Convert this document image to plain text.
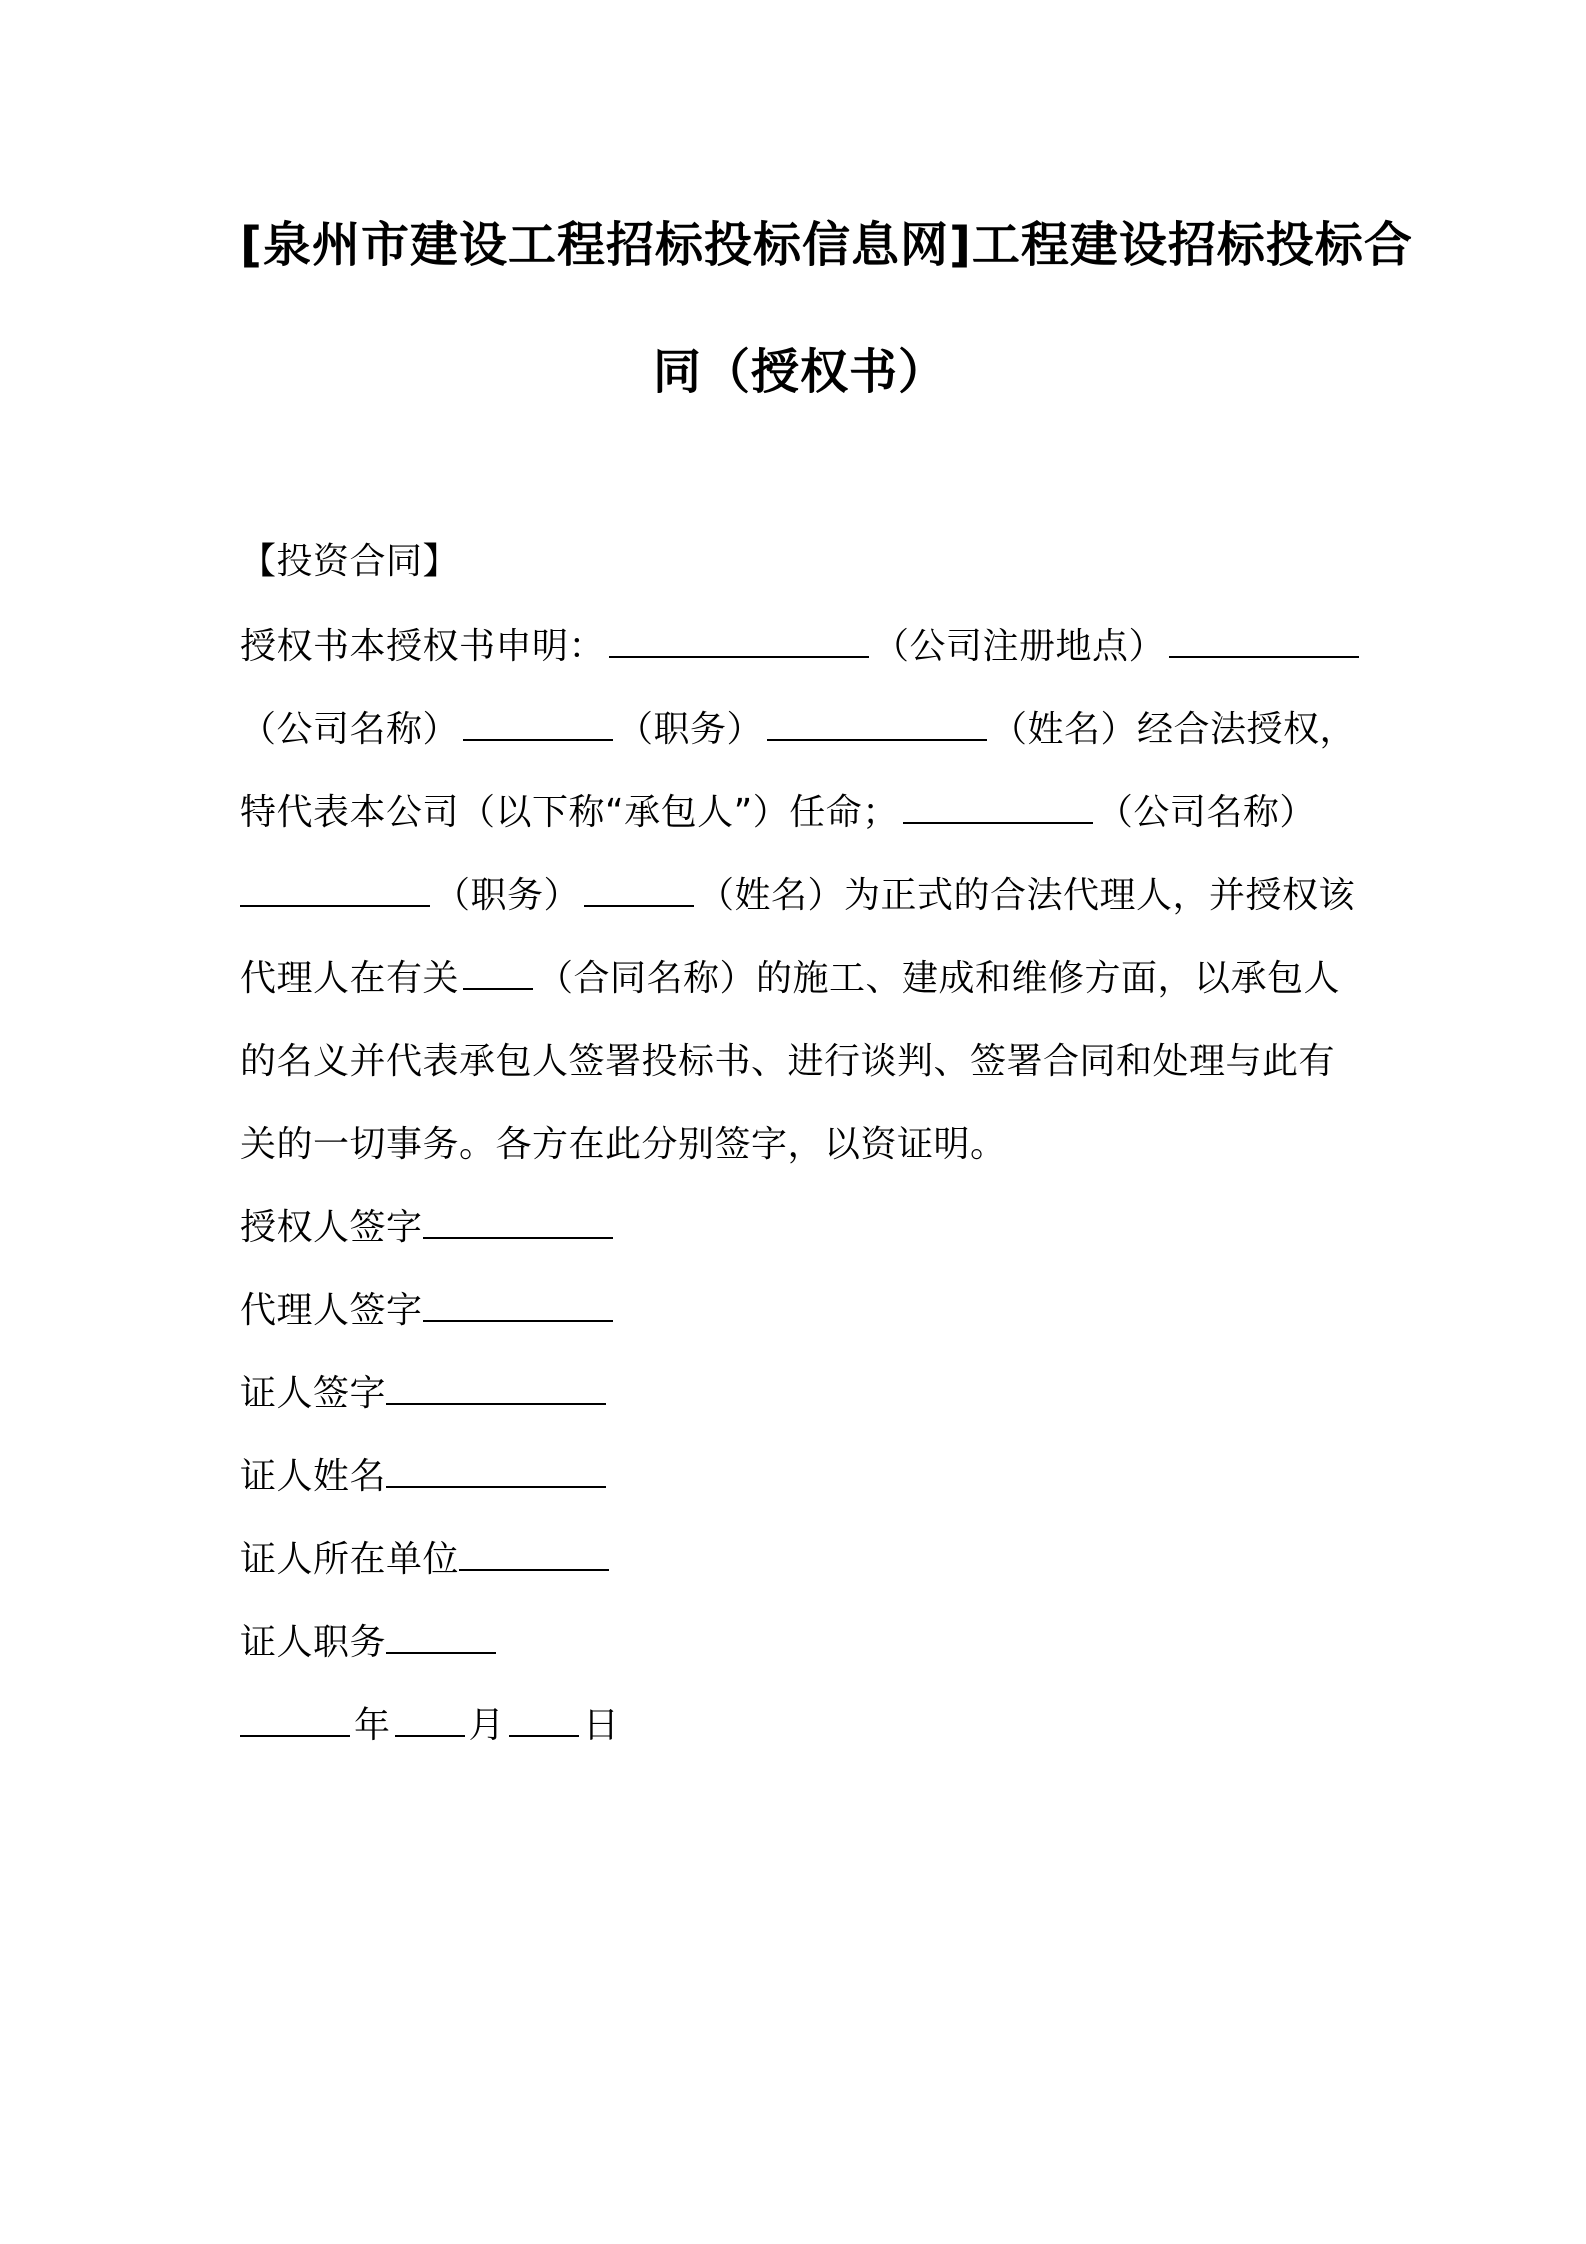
[泉州市建设工程招标投标信息网]工程建设招标投标合
同（授权书）
【投资合同】
授权书本授权书申明：	（公司注册地点）
（公司名称）	（职务）	（姓名）经合法授权，
特代表本公司（以下称“承包人”）任命；	（公司名称）
（职务）	（姓名）为正式的合法代理人，并授权该
代理人在有关 （合同名称）的施工、建成和维修方面，以承包人
的名义并代表承包人签署投标书、进行谈判、签署合同和处理与此有
关的一切事务。各方在此分别签字，以资证明。
授权人签字
代理人签字
证人签字
证人姓名
证人所在单位
证人职务
年 月 日
